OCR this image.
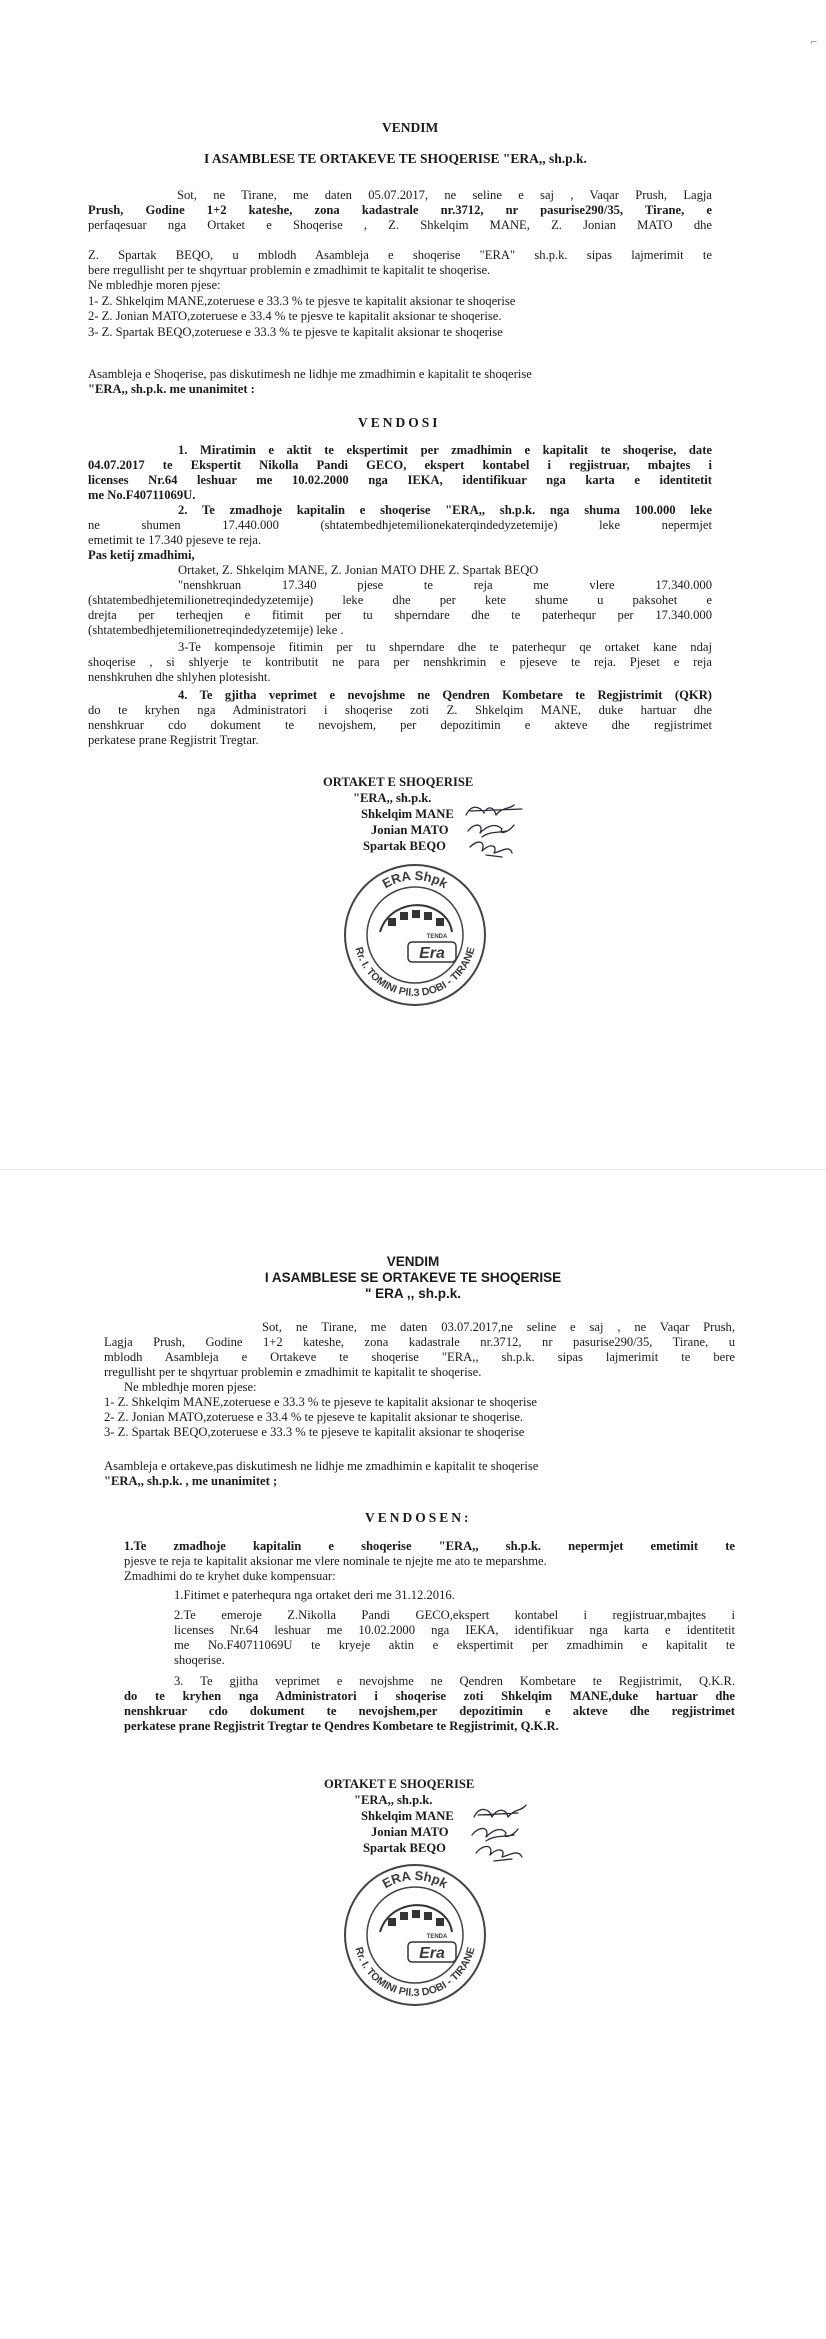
⌐
VENDIM
I ASAMBLESE TE ORTAKEVE TE SHOQERISE "ERA,, sh.p.k.
Sot, ne Tirane, me daten 05.07.2017, ne seline e saj , Vaqar Prush, Lagja
Prush, Godine 1+2 kateshe, zona kadastrale nr.3712, nr pasurise290/35, Tirane, e
perfaqesuar nga Ortaket e Shoqerise , Z. Shkelqim MANE, Z. Jonian MATO dhe
Z. Spartak BEQO, u mblodh Asambleja e shoqerise "ERA" sh.p.k. sipas lajmerimit te
bere rregullisht per te shqyrtuar problemin e zmadhimit te kapitalit te shoqerise.
Ne mbledhje moren pjese:
1- Z. Shkelqim MANE,zoteruese e 33.3 % te pjesve te kapitalit aksionar te shoqerise
2- Z. Jonian MATO,zoteruese e 33.4 % te pjesve te kapitalit aksionar te shoqerise.
3- Z. Spartak BEQO,zoteruese e 33.3 % te pjesve te kapitalit aksionar te shoqerise
Asambleja e Shoqerise, pas diskutimesh ne lidhje me zmadhimin e kapitalit te shoqerise
"ERA,, sh.p.k. me unanimitet :
VENDOSI
1. Miratimin e aktit te ekspertimit per zmadhimin e kapitalit te shoqerise, date
04.07.2017 te Ekspertit Nikolla Pandi GECO, ekspert kontabel i regjistruar, mbajtes i
licenses Nr.64 leshuar me 10.02.2000 nga IEKA, identifikuar nga karta e identitetit
me No.F40711069U.
2. Te zmadhoje kapitalin e shoqerise "ERA,, sh.p.k. nga shuma 100.000 leke
ne shumen 17.440.000 (shtatembedhjetemilionekaterqindedyzetemije) leke nepermjet
emetimit te 17.340 pjeseve te reja.
Pas ketij zmadhimi,
Ortaket, Z. Shkelqim MANE, Z. Jonian MATO DHE Z. Spartak BEQO
"nenshkruan 17.340 pjese te reja me vlere 17.340.000
(shtatembedhjetemilionetreqindedyzetemije) leke dhe per kete shume u paksohet e
drejta per terheqjen e fitimit per tu shperndare dhe te paterhequr per 17.340.000
(shtatembedhjetemilionetreqindedyzetemije) leke .
3-Te kompensoje fitimin per tu shperndare dhe te paterhequr qe ortaket kane ndaj
shoqerise , si shlyerje te kontributit ne para per nenshkrimin e pjeseve te reja. Pjeset e reja
nenshkruhen dhe shlyhen plotesisht.
4. Te gjitha veprimet e nevojshme ne Qendren Kombetare te Regjistrimit (QKR)
do te kryhen nga Administratori i shoqerise zoti Z. Shkelqim MANE, duke hartuar dhe
nenshkruar cdo dokument te nevojshem, per depozitimin e akteve dhe regjistrimet
perkatese prane Regjistrit Tregtar.
ORTAKET E SHOQERISE
"ERA,, sh.p.k.
Shkelqim MANE
Jonian MATO
Spartak BEQO
ERA Shpk
Rr. I. TOMINI Pll.3 DOBI - TIRANE
TENDA
Era
VENDIM
I ASAMBLESE SE ORTAKEVE TE SHOQERISE
" ERA ,, sh.p.k.
Sot, ne Tirane, me daten 03.07.2017,ne seline e saj , ne Vaqar Prush,
Lagja Prush, Godine 1+2 kateshe, zona kadastrale nr.3712, nr pasurise290/35, Tirane, u
mblodh Asambleja e Ortakeve te shoqerise "ERA,, sh.p.k. sipas lajmerimit te bere
rregullisht per te shqyrtuar problemin e zmadhimit te kapitalit te shoqerise.
Ne mbledhje moren pjese:
1- Z. Shkelqim MANE,zoteruese e 33.3 % te pjeseve te kapitalit aksionar te shoqerise
2- Z. Jonian MATO,zoteruese e 33.4 % te pjeseve te kapitalit aksionar te shoqerise.
3- Z. Spartak BEQO,zoteruese e 33.3 % te pjeseve te kapitalit aksionar te shoqerise
Asambleja e ortakeve,pas diskutimesh ne lidhje me zmadhimin e kapitalit te shoqerise
"ERA,, sh.p.k. , me unanimitet ;
VENDOSEN:
1.Te zmadhoje kapitalin e shoqerise "ERA,, sh.p.k. nepermjet emetimit te
pjesve te reja te kapitalit aksionar me vlere nominale te njejte me ato te meparshme.
Zmadhimi do te kryhet duke kompensuar:
1.Fitimet e paterhequra nga ortaket deri me 31.12.2016.
2.Te emeroje Z.Nikolla Pandi GECO,ekspert kontabel i regjistruar,mbajtes i
licenses Nr.64 leshuar me 10.02.2000 nga IEKA, identifikuar nga karta e identitetit
me No.F40711069U te kryeje aktin e ekspertimit per zmadhimin e kapitalit te
shoqerise.
3. Te gjitha veprimet e nevojshme ne Qendren Kombetare te Regjistrimit, Q.K.R.
do te kryhen nga Administratori i shoqerise zoti Shkelqim MANE,duke hartuar dhe
nenshkruar cdo dokument te nevojshem,per depozitimin e akteve dhe regjistrimet
perkatese prane Regjistrit Tregtar te Qendres Kombetare te Regjistrimit, Q.K.R.
ORTAKET E SHOQERISE
"ERA,, sh.p.k.
Shkelqim MANE
Jonian MATO
Spartak BEQO
ERA Shpk
Rr. I. TOMINI Pll.3 DOBI - TIRANE
TENDA
Era
